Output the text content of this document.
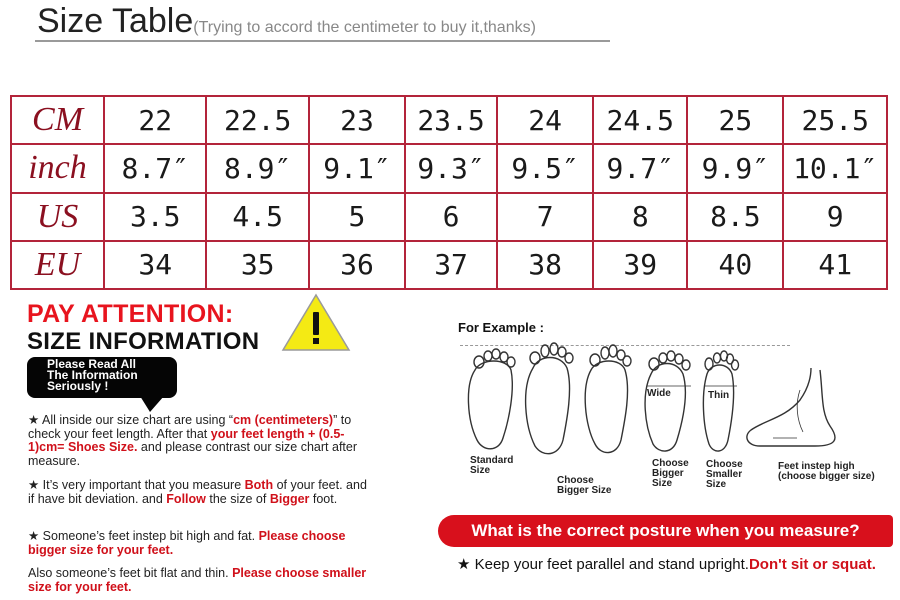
Size Table(Trying to accord the centimeter to buy it,thanks)
CM	22	22.5	23	23.5	24	24.5	25	25.5
inch	8.7″	8.9″	9.1″	9.3″	9.5″	9.7″	9.9″	10.1″
US	3.5	4.5	5	6	7	8	8.5	9
EU	34	35	36	37	38	39	40	41
PAY ATTENTION:
SIZE INFORMATION
Please Read All
The Information
Seriously !
★ All inside our size chart are using “cm (centimeters)” to check your feet length. After that your feet length + (0.5-1)cm= Shoes Size. and please contrast our size chart after measure.
★ It’s very important that you measure Both of your feet. and if have bit deviation. and Follow the size of Bigger foot.
★ Someone’s feet instep bit high and fat. Please choose bigger size for your feet.
Also someone’s feet bit flat and thin. Please choose smaller size for your feet.
For Example :
Wide	Thin
Standard
Size
Choose
Bigger Size
Choose
Bigger
Size
Choose
Smaller
Size
Feet instep high
(choose bigger size)
What is the correct posture when you measure?
★ Keep your feet parallel and stand upright.Don't sit or squat.
